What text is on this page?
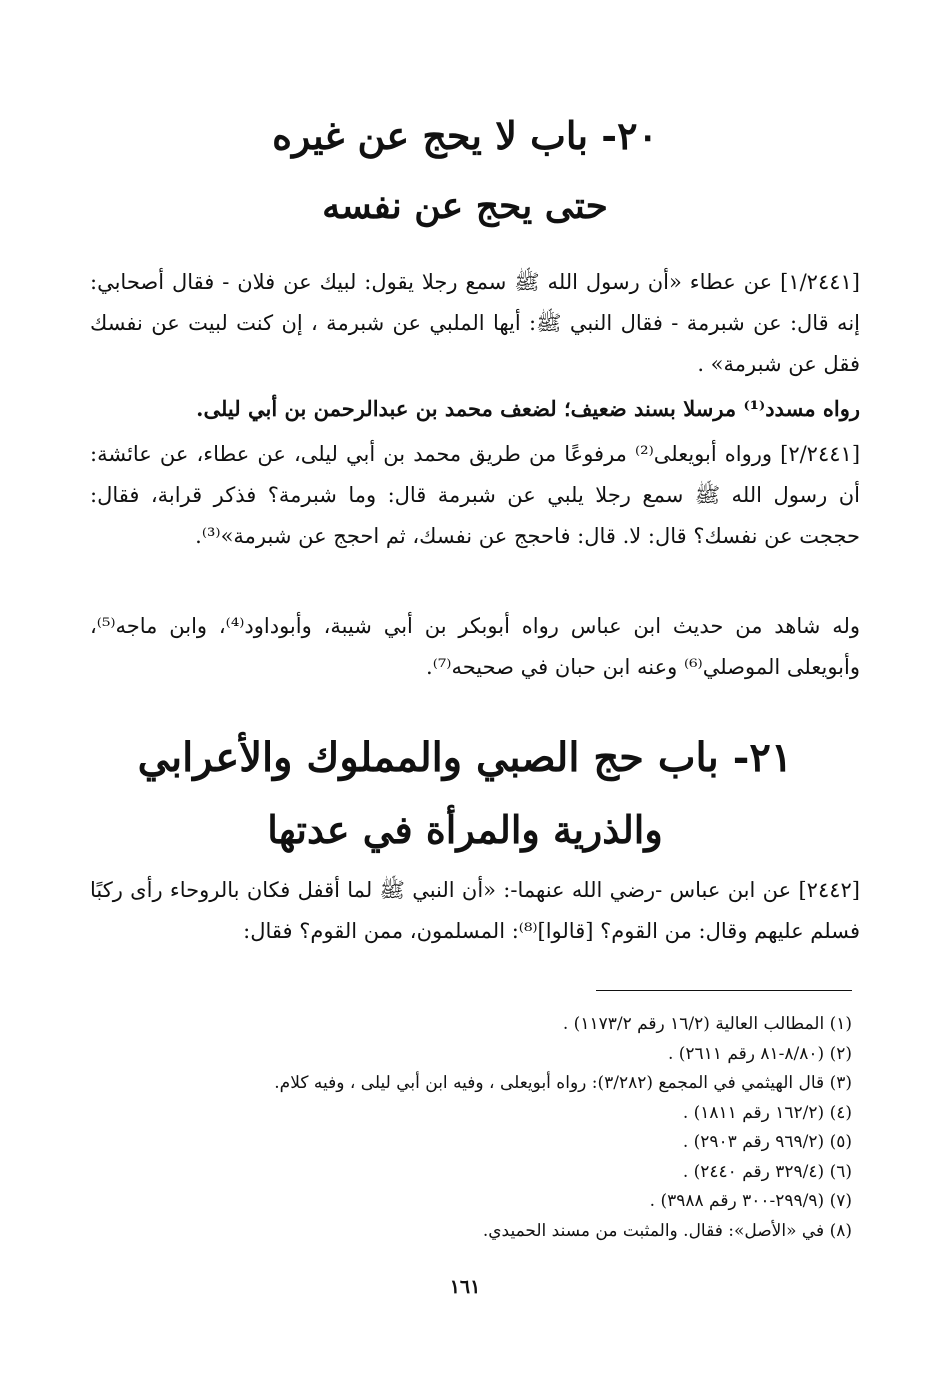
٢٠- باب لا يحج عن غيره
حتى يحج عن نفسه

[١/٢٤٤١] عن عطاء «أن رسول الله ﷺ سمع رجلا يقول: لبيك عن فلان - فقال أصحابي: إنه قال: عن شبرمة - فقال النبي ﷺ: أيها الملبي عن شبرمة ، إن كنت لبيت عن نفسك فقل عن شبرمة» .

رواه مسدد⁽¹⁾ مرسلا بسند ضعيف؛ لضعف محمد بن عبدالرحمن بن أبي ليلى.

[٢/٢٤٤١] ورواه أبويعلى⁽²⁾ مرفوعًا من طريق محمد بن أبي ليلى، عن عطاء، عن عائشة: أن رسول الله ﷺ سمع رجلا يلبي عن شبرمة قال: وما شبرمة؟ فذكر قرابة، فقال: حججت عن نفسك؟ قال: لا. قال: فاحجج عن نفسك، ثم احجج عن شبرمة»⁽³⁾.

وله شاهد من حديث ابن عباس رواه أبوبكر بن أبي شيبة، وأبوداود⁽⁴⁾، وابن ماجه⁽⁵⁾، وأبويعلى الموصلي⁽⁶⁾ وعنه ابن حبان في صحيحه⁽⁷⁾.

٢١- باب حج الصبي والمملوك والأعرابي
والذرية والمرأة في عدتها

[٢٤٤٢] عن ابن عباس -رضي الله عنهما-: «أن النبي ﷺ لما أقفل فكان بالروحاء رأى ركبًا فسلم عليهم وقال: من القوم؟ [قالوا]⁽⁸⁾: المسلمون، ممن القوم؟ فقال:

(١) المطالب العالية (١٦/٢ رقم ١١٧٣/٢) .
(٢) (٨/٨٠-٨١ رقم ٢٦١١) .
(٣) قال الهيثمي في المجمع (٣/٢٨٢): رواه أبويعلى ، وفيه ابن أبي ليلى ، وفيه كلام.
(٤) (١٦٢/٢ رقم ١٨١١) .
(٥) (٩٦٩/٢ رقم ٢٩٠٣) .
(٦) (٣٢٩/٤ رقم ٢٤٤٠) .
(٧) (٢٩٩/٩-٣٠٠ رقم ٣٩٨٨) .
(٨) في «الأصل»: فقال. والمثبت من مسند الحميدي.
١٦١
